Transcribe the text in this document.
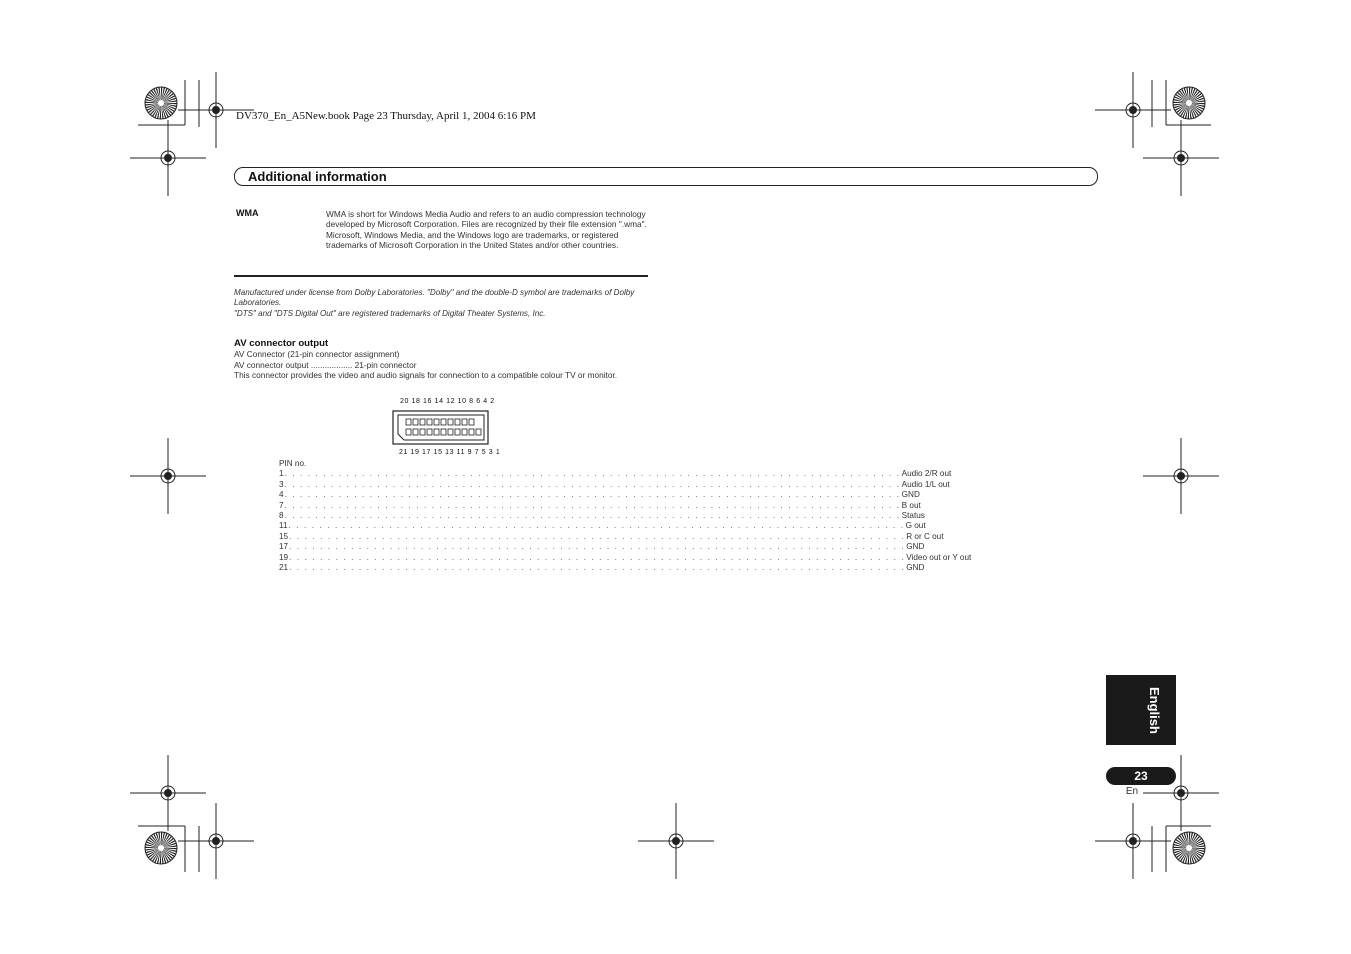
DV370_En_A5New.book Page 23 Thursday, April 1, 2004 6:16 PM
Additional information
WMA	WMA is short for Windows Media Audio and refers to an audio compression technology developed by Microsoft Corporation. Files are recognized by their file extension ".wma".

Microsoft, Windows Media, and the Windows logo are trademarks, or registered trademarks of Microsoft Corporation in the United States and/or other countries.

Manufactured under license from Dolby Laboratories. "Dolby" and the double-D symbol are trademarks of Dolby Laboratories.

"DTS" and "DTS Digital Out" are registered trademarks of Digital Theater Systems, Inc.

AV connector output

AV Connector (21-pin connector assignment)

AV connector output .................. 21-pin connector

This connector provides the video and audio signals for connection to a compatible colour TV or monitor.

20 18 16 14 12 10 8 6 4 2
21 19 17 15 13 11 9 7 5 3 1

PIN no.

1 . . . . . . . . . . . . . . . . . . . . . . . . . . . . . . . . . . . . . . . . . . . . . . . . . . . . . . . . . . . . . . . . . . . . . . . . . . . . . . . . Audio 2/R out
3 . . . . . . . . . . . . . . . . . . . . . . . . . . . . . . . . . . . . . . . . . . . . . . . . . . . . . . . . . . . . . . . . . . . . . . . . . . . . . . . . Audio 1/L out
4 . . . . . . . . . . . . . . . . . . . . . . . . . . . . . . . . . . . . . . . . . . . . . . . . . . . . . . . . . . . . . . . . . . . . . . . . . . . . . . . . GND
7 . . . . . . . . . . . . . . . . . . . . . . . . . . . . . . . . . . . . . . . . . . . . . . . . . . . . . . . . . . . . . . . . . . . . . . . . . . . . . . . . B out
8 . . . . . . . . . . . . . . . . . . . . . . . . . . . . . . . . . . . . . . . . . . . . . . . . . . . . . . . . . . . . . . . . . . . . . . . . . . . . . . . . Status
11 . . . . . . . . . . . . . . . . . . . . . . . . . . . . . . . . . . . . . . . . . . . . . . . . . . . . . . . . . . . . . . . . . . . . . . . . . . . . . . . . G out
15 . . . . . . . . . . . . . . . . . . . . . . . . . . . . . . . . . . . . . . . . . . . . . . . . . . . . . . . . . . . . . . . . . . . . . . . . . . . . . . . . R or C out
17 . . . . . . . . . . . . . . . . . . . . . . . . . . . . . . . . . . . . . . . . . . . . . . . . . . . . . . . . . . . . . . . . . . . . . . . . . . . . . . . . GND
19 . . . . . . . . . . . . . . . . . . . . . . . . . . . . . . . . . . . . . . . . . . . . . . . . . . . . . . . . . . . . . . . . . . . . . . . . . . . . . . . . Video out or Y out
21 . . . . . . . . . . . . . . . . . . . . . . . . . . . . . . . . . . . . . . . . . . . . . . . . . . . . . . . . . . . . . . . . . . . . . . . . . . . . . . . . GND
English
23
En
